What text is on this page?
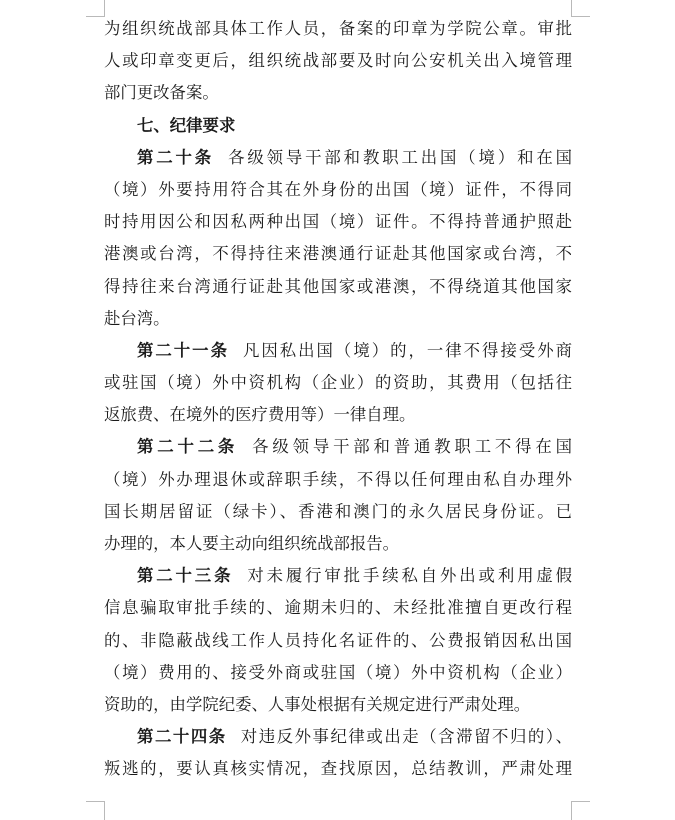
为组织统战部具体工作人员，备案的印章为学院公章。审批
人或印章变更后，组织统战部要及时向公安机关出入境管理
部门更改备案。
七、纪律要求
第二十条 各级领导干部和教职工出国（境）和在国
（境）外要持用符合其在外身份的出国（境）证件，不得同
时持用因公和因私两种出国（境）证件。不得持普通护照赴
港澳或台湾，不得持往来港澳通行证赴其他国家或台湾，不
得持往来台湾通行证赴其他国家或港澳，不得绕道其他国家
赴台湾。
第二十一条 凡因私出国（境）的，一律不得接受外商
或驻国（境）外中资机构（企业）的资助，其费用（包括往
返旅费、在境外的医疗费用等）一律自理。
第二十二条 各级领导干部和普通教职工不得在国
（境）外办理退休或辞职手续，不得以任何理由私自办理外
国长期居留证（绿卡）、香港和澳门的永久居民身份证。已
办理的，本人要主动向组织统战部报告。
第二十三条 对未履行审批手续私自外出或利用虚假
信息骗取审批手续的、逾期未归的、未经批准擅自更改行程
的、非隐蔽战线工作人员持化名证件的、公费报销因私出国
（境）费用的、接受外商或驻国（境）外中资机构（企业）
资助的，由学院纪委、人事处根据有关规定进行严肃处理。
第二十四条 对违反外事纪律或出走（含滞留不归的）、
叛逃的，要认真核实情况，查找原因，总结教训，严肃处理
